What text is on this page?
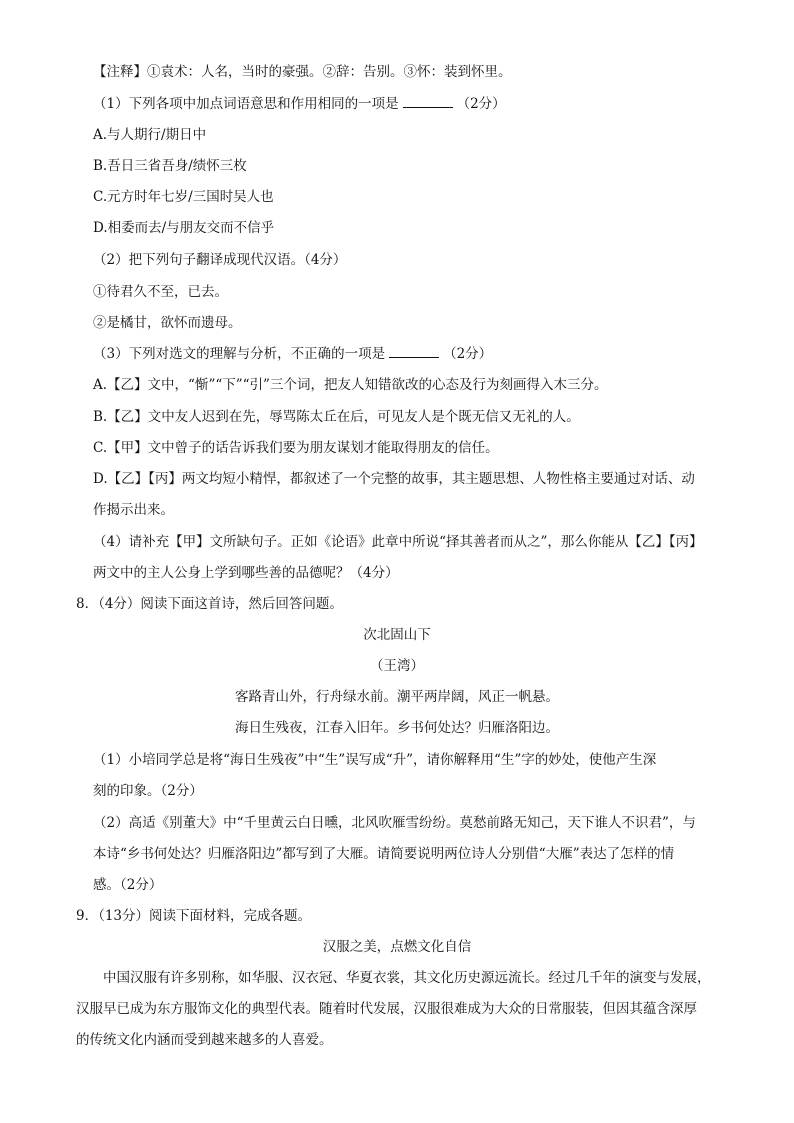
【注释】①袁术：人名，当时的豪强。②辞：告别。③怀：装到怀里。
（1）下列各项中加点词语意思和作用相同的一项是	（2分）
A.与人期行/期日中
B.吾日三省吾身/绩怀三枚
C.元方时年七岁/三国时吴人也
D.相委而去/与朋友交而不信乎
（2）把下列句子翻译成现代汉语。（4分）
①待君久不至，已去。
②是橘甘，欲怀而遗母。
（3）下列对选文的理解与分析，不正确的一项是	（2分）
A.【乙】文中，“惭”“下”“引”三个词，把友人知错欲改的心态及行为刻画得入木三分。
B.【乙】文中友人迟到在先，辱骂陈太丘在后，可见友人是个既无信又无礼的人。
C.【甲】文中曾子的话告诉我们要为朋友谋划才能取得朋友的信任。
D.【乙】【丙】两文均短小精悍，都叙述了一个完整的故事，其主题思想、人物性格主要通过对话、动
作揭示出来。
（4）请补充【甲】文所缺句子。正如《论语》此章中所说“择其善者而从之”，那么你能从【乙】【丙】
两文中的主人公身上学到哪些善的品德呢？（4分）
8．（4分）阅读下面这首诗，然后回答问题。
次北固山下
（王湾）
客路青山外，行舟绿水前。潮平两岸阔，风正一帆悬。
海日生残夜，江春入旧年。乡书何处达？归雁洛阳边。
（1）小培同学总是将“海日生残夜”中“生”误写成“升”，请你解释用“生”字的妙处，使他产生深
刻的印象。（2分）
（2）高适《别董大》中“千里黄云白日曛，北风吹雁雪纷纷。莫愁前路无知己，天下谁人不识君”，与
本诗“乡书何处达？归雁洛阳边”都写到了大雁。请简要说明两位诗人分别借“大雁”表达了怎样的情
感。（2分）
9．（13分）阅读下面材料，完成各题。
汉服之美，点燃文化自信
中国汉服有许多别称，如华服、汉衣冠、华夏衣裳，其文化历史源远流长。经过几千年的演变与发展，
汉服早已成为东方服饰文化的典型代表。随着时代发展，汉服很难成为大众的日常服装，但因其蕴含深厚
的传统文化内涵而受到越来越多的人喜爱。
